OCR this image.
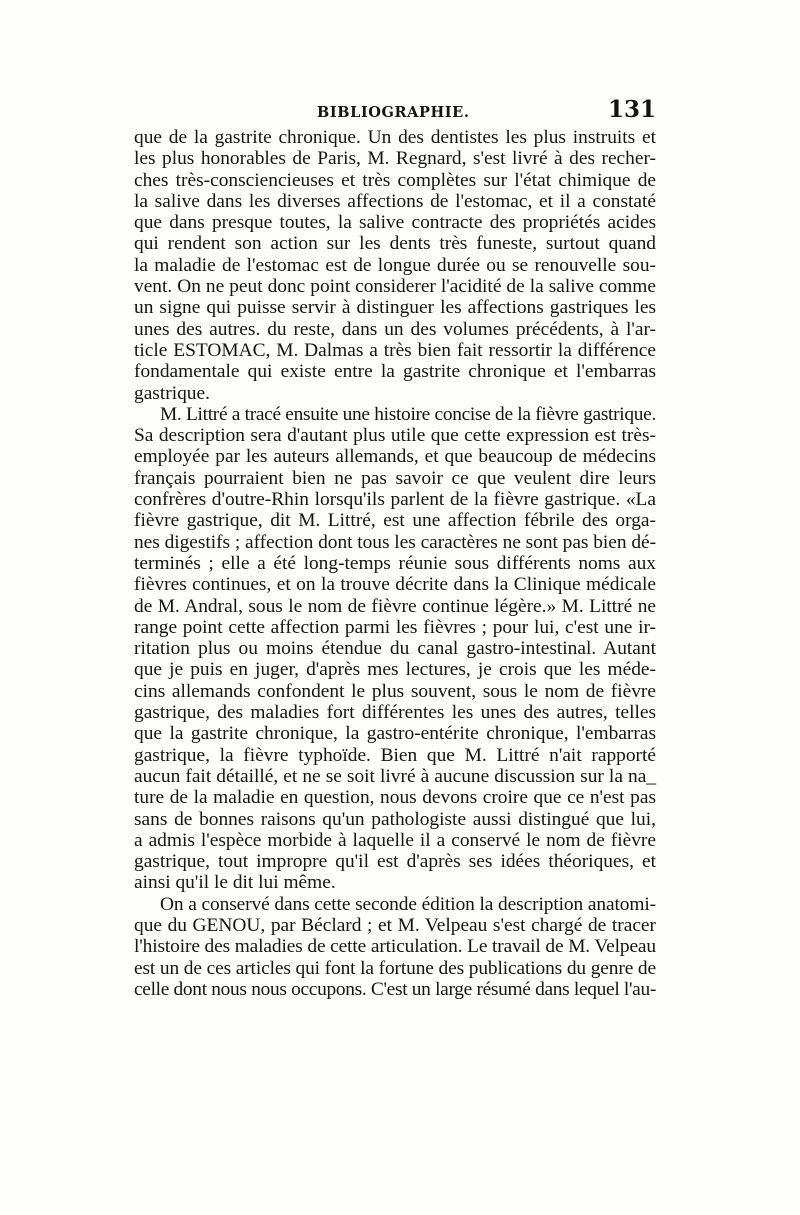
BIBLIOGRAPHIE.	131
que de la gastrite chronique. Un des dentistes les plus instruits et
les plus honorables de Paris, M. Regnard, s'est livré à des recher-
ches très-consciencieuses et très complètes sur l'état chimique de
la salive dans les diverses affections de l'estomac, et il a constaté
que dans presque toutes, la salive contracte des propriétés acides
qui rendent son action sur les dents très funeste, surtout quand
la maladie de l'estomac est de longue durée ou se renouvelle sou-
vent. On ne peut donc point considerer l'acidité de la salive comme
un signe qui puisse servir à distinguer les affections gastriques les
unes des autres. du reste, dans un des volumes précédents, à l'ar-
ticle ESTOMAC, M. Dalmas a très bien fait ressortir la différence
fondamentale qui existe entre la gastrite chronique et l'embarras
gastrique.
M. Littré a tracé ensuite une histoire concise de la fièvre gastrique.
Sa description sera d'autant plus utile que cette expression est très-
employée par les auteurs allemands, et que beaucoup de médecins
français pourraient bien ne pas savoir ce que veulent dire leurs
confrères d'outre-Rhin lorsqu'ils parlent de la fièvre gastrique. «La
fièvre gastrique, dit M. Littré, est une affection fébrile des orga-
nes digestifs ; affection dont tous les caractères ne sont pas bien dé-
terminés ; elle a été long-temps réunie sous différents noms aux
fièvres continues, et on la trouve décrite dans la Clinique médicale
de M. Andral, sous le nom de fièvre continue légère.» M. Littré ne
range point cette affection parmi les fièvres ; pour lui, c'est une ir-
ritation plus ou moins étendue du canal gastro-intestinal. Autant
que je puis en juger, d'après mes lectures, je crois que les méde-
cins allemands confondent le plus souvent, sous le nom de fièvre
gastrique, des maladies fort différentes les unes des autres, telles
que la gastrite chronique, la gastro-entérite chronique, l'embarras
gastrique, la fièvre typhoïde. Bien que M. Littré n'ait rapporté
aucun fait détaillé, et ne se soit livré à aucune discussion sur la na_
ture de la maladie en question, nous devons croire que ce n'est pas
sans de bonnes raisons qu'un pathologiste aussi distingué que lui,
a admis l'espèce morbide à laquelle il a conservé le nom de fièvre
gastrique, tout impropre qu'il est d'après ses idées théoriques, et
ainsi qu'il le dit lui même.
On a conservé dans cette seconde édition la description anatomi-
que du GENOU, par Béclard ; et M. Velpeau s'est chargé de tracer
l'histoire des maladies de cette articulation. Le travail de M. Velpeau
est un de ces articles qui font la fortune des publications du genre de
celle dont nous nous occupons. C'est un large résumé dans lequel l'au-
